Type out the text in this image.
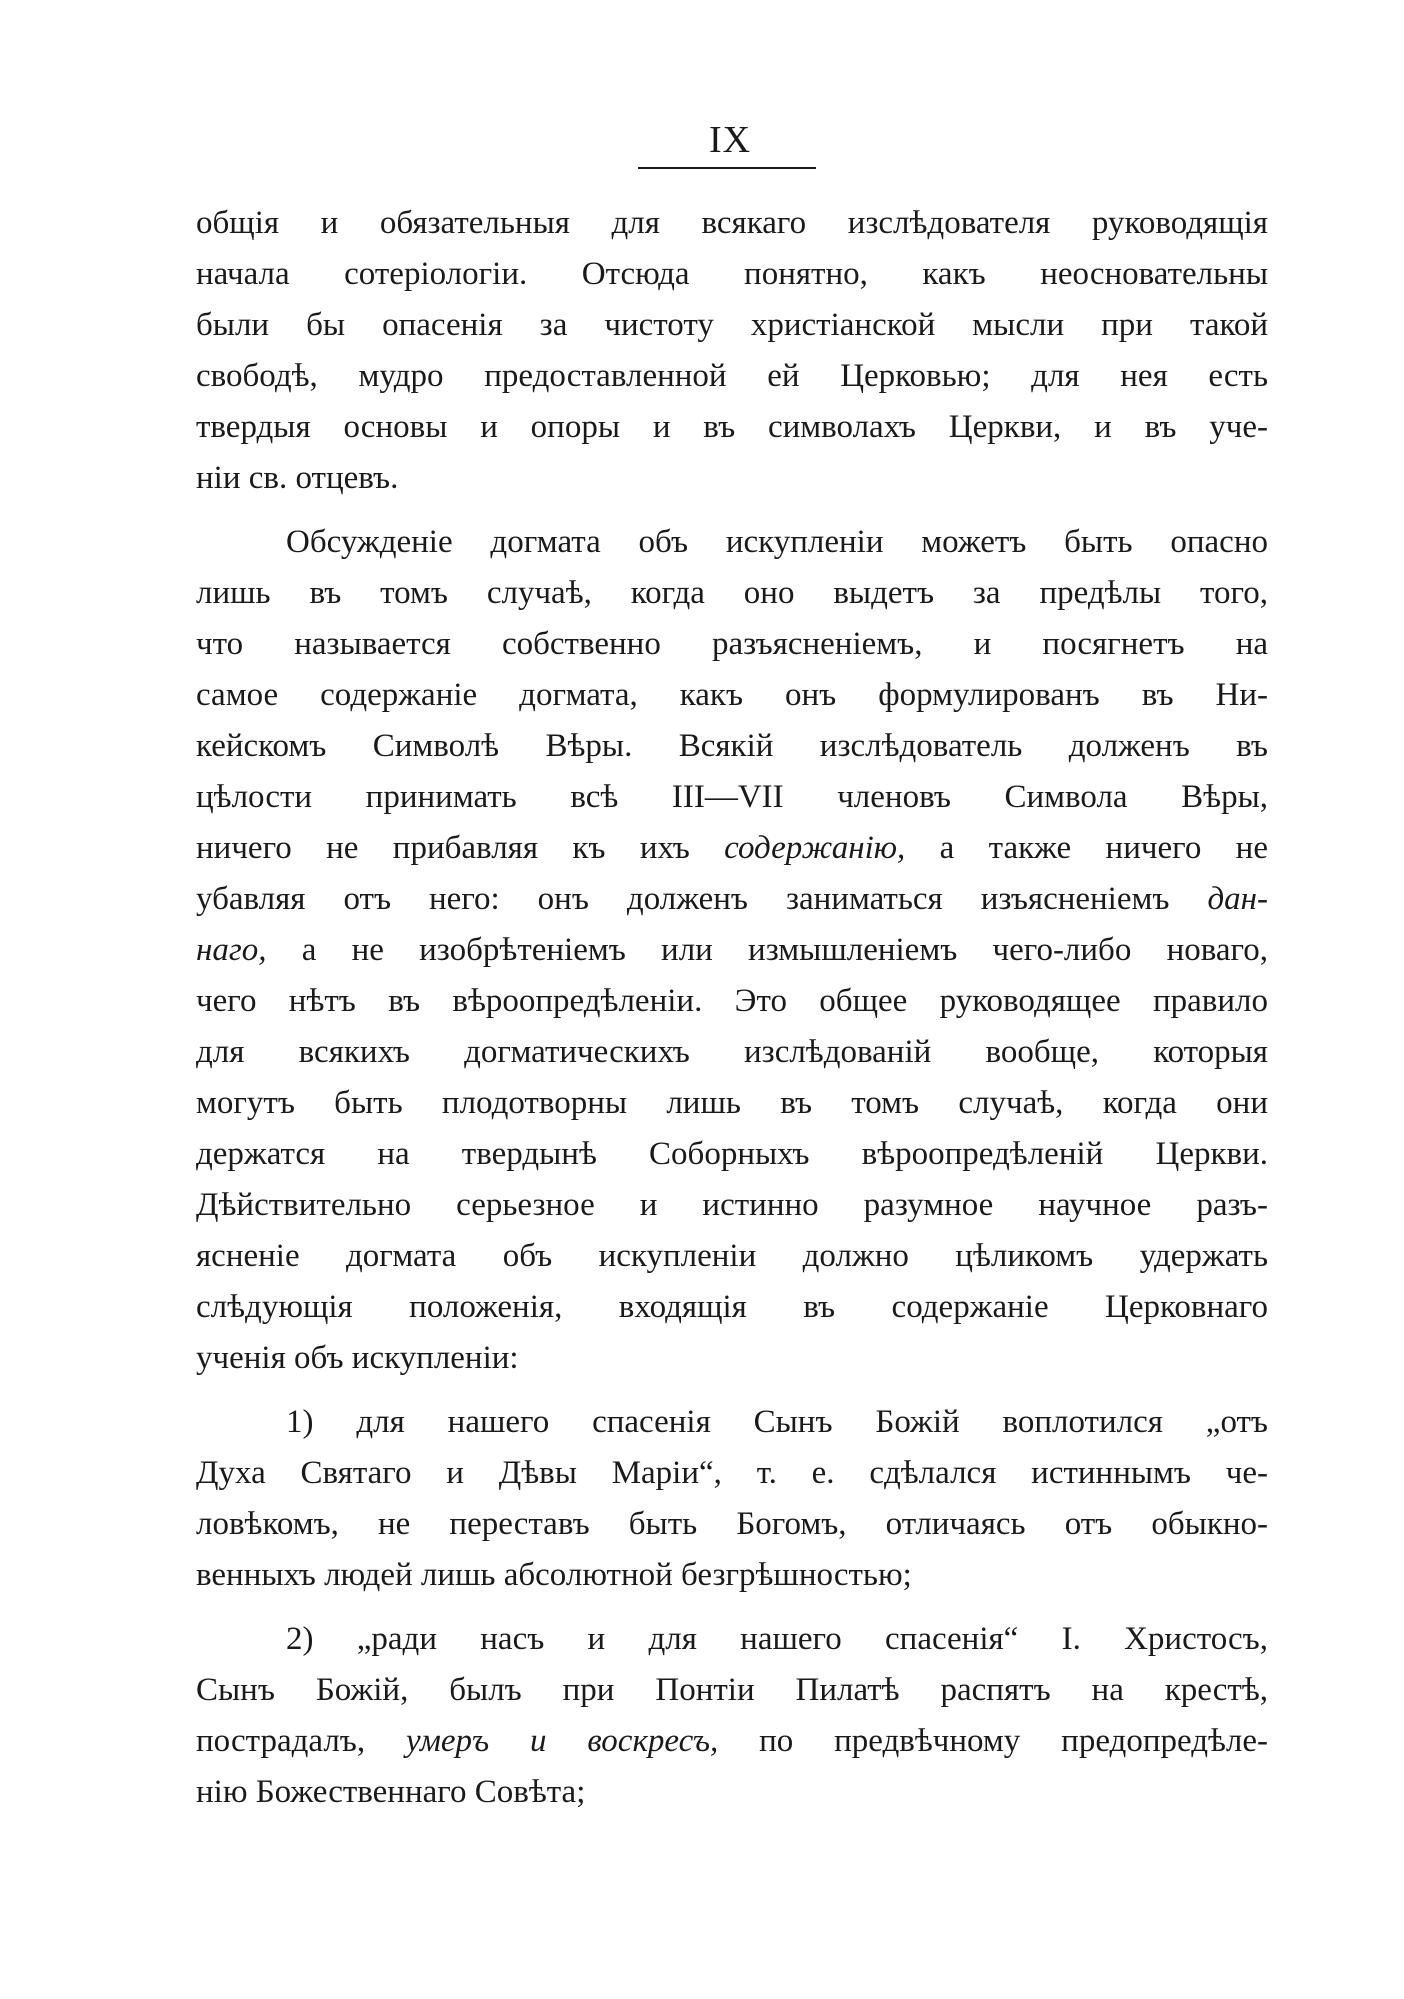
IX
общiя и обязательныя для всякаго изслѣдователя руководящiя
начала сотерiологiи. Отсюда понятно, какъ неосновательны
были бы опасенiя за чистоту христiанской мысли при такой
свободѣ, мудро предоставленной ей Церковью; для нея есть
твердыя основы и опоры и въ символахъ Церкви, и въ уче-
нiи св. отцевъ.
Обсужденiе догмата объ искупленiи можетъ быть опасно
лишь въ томъ случаѣ, когда оно выдетъ за предѣлы того,
что называется собственно разъясненiемъ, и посягнетъ на
самое содержанiе догмата, какъ онъ формулированъ въ Ни-
кейскомъ Символѣ Вѣры. Всякiй изслѣдователь долженъ въ
цѣлости принимать всѣ III—VII членовъ Символа Вѣры,
ничего не прибавляя къ ихъ содержанiю, а также ничего не
убавляя отъ него: онъ долженъ заниматься изъясненiемъ дан-
наго, а не изобрѣтенiемъ или измышленiемъ чего-либо новаго,
чего нѣтъ въ вѣроопредѣленiи. Это общее руководящее правило
для всякихъ догматическихъ изслѣдованiй вообще, которыя
могутъ быть плодотворны лишь въ томъ случаѣ, когда они
держатся на твердынѣ Соборныхъ вѣроопредѣленiй Церкви.
Дѣйствительно серьезное и истинно разумное научное разъ-
ясненiе догмата объ искупленiи должно цѣликомъ удержать
слѣдующiя положенiя, входящiя въ содержанiе Церковнаго
ученiя объ искупленiи:
1) для нашего спасенiя Сынъ Божiй воплотился „отъ
Духа Святаго и Дѣвы Марiи“, т. е. сдѣлался истиннымъ че-
ловѣкомъ, не переставъ быть Богомъ, отличаясь отъ обыкно-
венныхъ людей лишь абсолютной безгрѣшностью;
2) „ради насъ и для нашего спасенiя“ I. Христосъ,
Сынъ Божiй, былъ при Понтiи Пилатѣ распятъ на крестѣ,
пострадалъ, умеръ и воскресъ, по предвѣчному предопредѣле-
нiю Божественнаго Совѣта;
